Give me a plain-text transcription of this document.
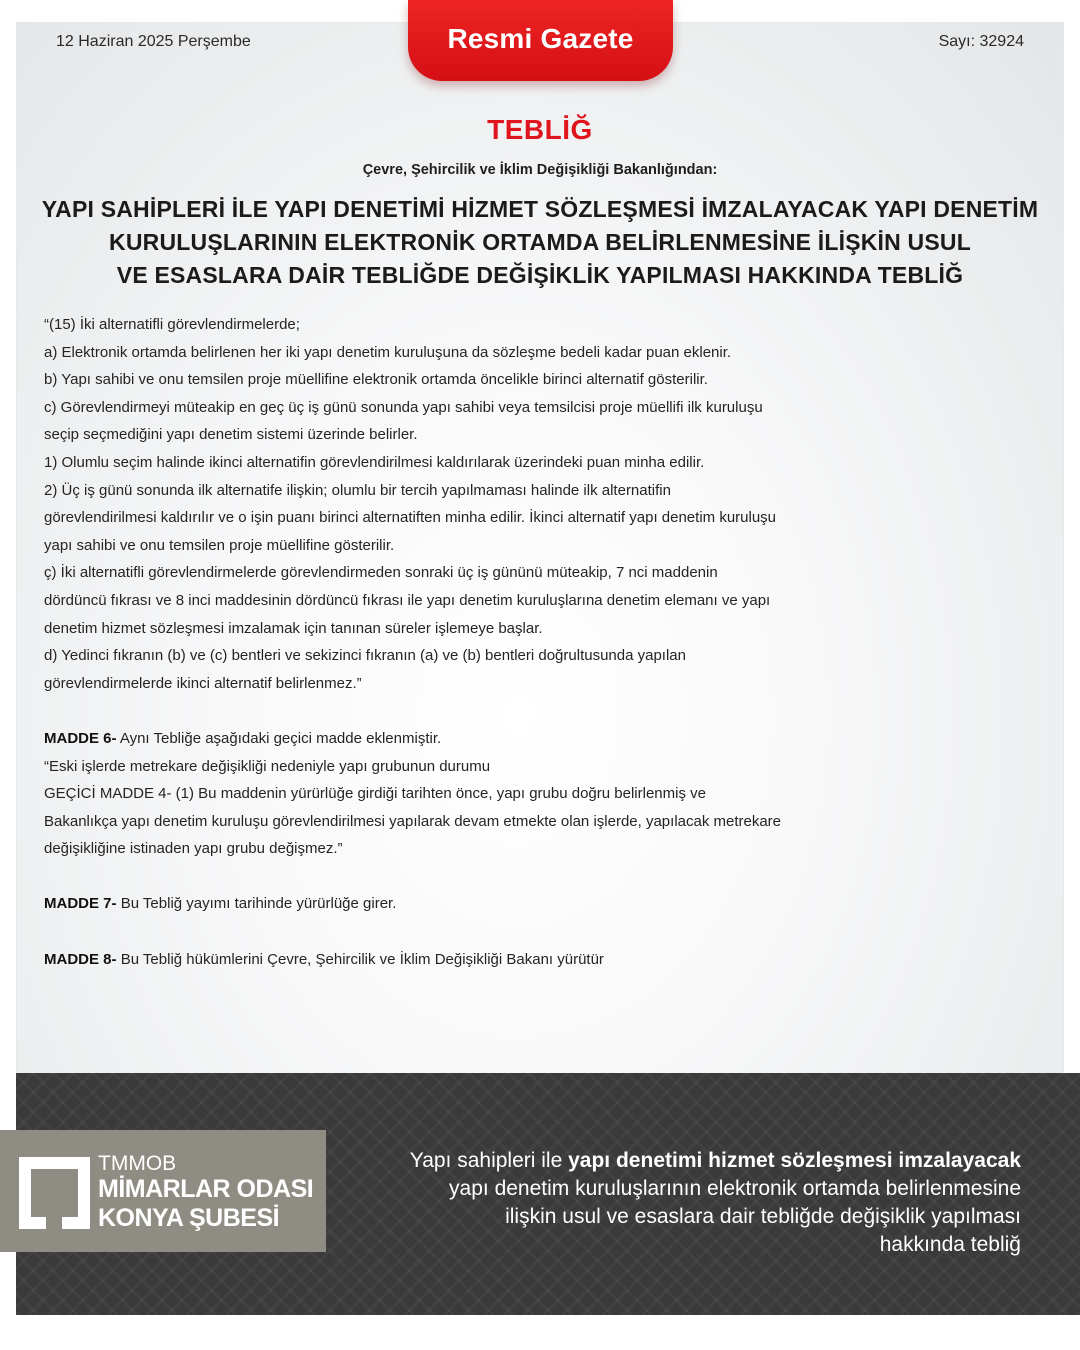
12 Haziran 2025 Perşembe	Sayı: 32924
Resmi Gazete
TEBLİĞ
Çevre, Şehircilik ve İklim Değişikliği Bakanlığından:
YAPI SAHİPLERİ İLE YAPI DENETİMİ HİZMET SÖZLEŞMESİ İMZALAYACAK YAPI DENETİM
KURULUŞLARININ ELEKTRONİK ORTAMDA BELİRLENMESİNE İLİŞKİN USUL
VE ESASLARA DAİR TEBLİĞDE DEĞİŞİKLİK YAPILMASI HAKKINDA TEBLİĞ

“(15) İki alternatifli görevlendirmelerde;

a) Elektronik ortamda belirlenen her iki yapı denetim kuruluşuna da sözleşme bedeli kadar puan eklenir.

b) Yapı sahibi ve onu temsilen proje müellifine elektronik ortamda öncelikle birinci alternatif gösterilir.

c) Görevlendirmeyi müteakip en geç üç iş günü sonunda yapı sahibi veya temsilcisi proje müellifi ilk kuruluşu

seçip seçmediğini yapı denetim sistemi üzerinde belirler.

1) Olumlu seçim halinde ikinci alternatifin görevlendirilmesi kaldırılarak üzerindeki puan minha edilir.

2) Üç iş günü sonunda ilk alternatife ilişkin; olumlu bir tercih yapılmaması halinde ilk alternatifin

görevlendirilmesi kaldırılır ve o işin puanı birinci alternatiften minha edilir. İkinci alternatif yapı denetim kuruluşu

yapı sahibi ve onu temsilen proje müellifine gösterilir.

ç) İki alternatifli görevlendirmelerde görevlendirmeden sonraki üç iş gününü müteakip, 7 nci maddenin

dördüncü fıkrası ve 8 inci maddesinin dördüncü fıkrası ile yapı denetim kuruluşlarına denetim elemanı ve yapı

denetim hizmet sözleşmesi imzalamak için tanınan süreler işlemeye başlar.

d) Yedinci fıkranın (b) ve (c) bentleri ve sekizinci fıkranın (a) ve (b) bentleri doğrultusunda yapılan

görevlendirmelerde ikinci alternatif belirlenmez.”

MADDE 6- Aynı Tebliğe aşağıdaki geçici madde eklenmiştir.

“Eski işlerde metrekare değişikliği nedeniyle yapı grubunun durumu

GEÇİCİ MADDE 4- (1) Bu maddenin yürürlüğe girdiği tarihten önce, yapı grubu doğru belirlenmiş ve

Bakanlıkça yapı denetim kuruluşu görevlendirilmesi yapılarak devam etmekte olan işlerde, yapılacak metrekare

değişikliğine istinaden yapı grubu değişmez.”

MADDE 7- Bu Tebliğ yayımı tarihinde yürürlüğe girer.

MADDE 8- Bu Tebliğ hükümlerini Çevre, Şehircilik ve İklim Değişikliği Bakanı yürütür

TMMOB
MİMARLAR ODASI
KONYA ŞUBESİ
Yapı sahipleri ile yapı denetimi hizmet sözleşmesi imzalayacak
yapı denetim kuruluşlarının elektronik ortamda belirlenmesine
ilişkin usul ve esaslara dair tebliğde değişiklik yapılması
hakkında tebliğ
